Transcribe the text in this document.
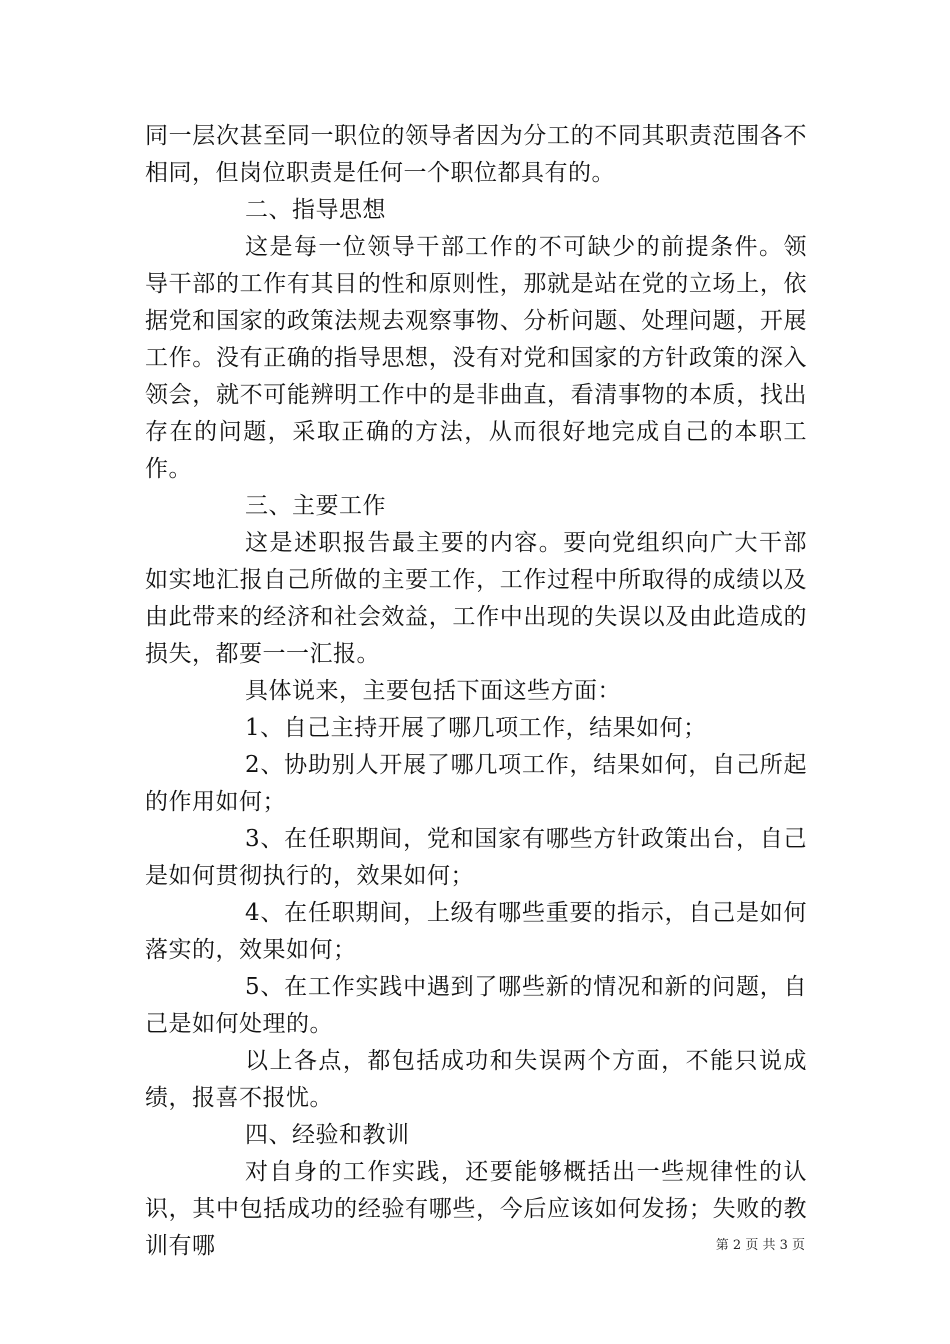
同一层次甚至同一职位的领导者因为分工的不同其职责范围各不相同，但岗位职责是任何一个职位都具有的。

二、指导思想

这是每一位领导干部工作的不可缺少的前提条件。领导干部的工作有其目的性和原则性，那就是站在党的立场上，依据党和国家的政策法规去观察事物、分析问题、处理问题，开展工作。没有正确的指导思想，没有对党和国家的方针政策的深入领会，就不可能辨明工作中的是非曲直，看清事物的本质，找出存在的问题，采取正确的方法，从而很好地完成自己的本职工作。

三、主要工作

这是述职报告最主要的内容。要向党组织向广大干部如实地汇报自己所做的主要工作，工作过程中所取得的成绩以及由此带来的经济和社会效益，工作中出现的失误以及由此造成的损失，都要一一汇报。

具体说来，主要包括下面这些方面：

1、自己主持开展了哪几项工作，结果如何；

2、协助别人开展了哪几项工作，结果如何，自己所起的作用如何；

3、在任职期间，党和国家有哪些方针政策出台，自己是如何贯彻执行的，效果如何；

4、在任职期间，上级有哪些重要的指示，自己是如何落实的，效果如何；

5、在工作实践中遇到了哪些新的情况和新的问题，自己是如何处理的。

以上各点，都包括成功和失误两个方面，不能只说成绩，报喜不报忧。

四、经验和教训

对自身的工作实践，还要能够概括出一些规律性的认识，其中包括成功的经验有哪些，今后应该如何发扬；失败的教训有哪	第 2 页 共 3 页
